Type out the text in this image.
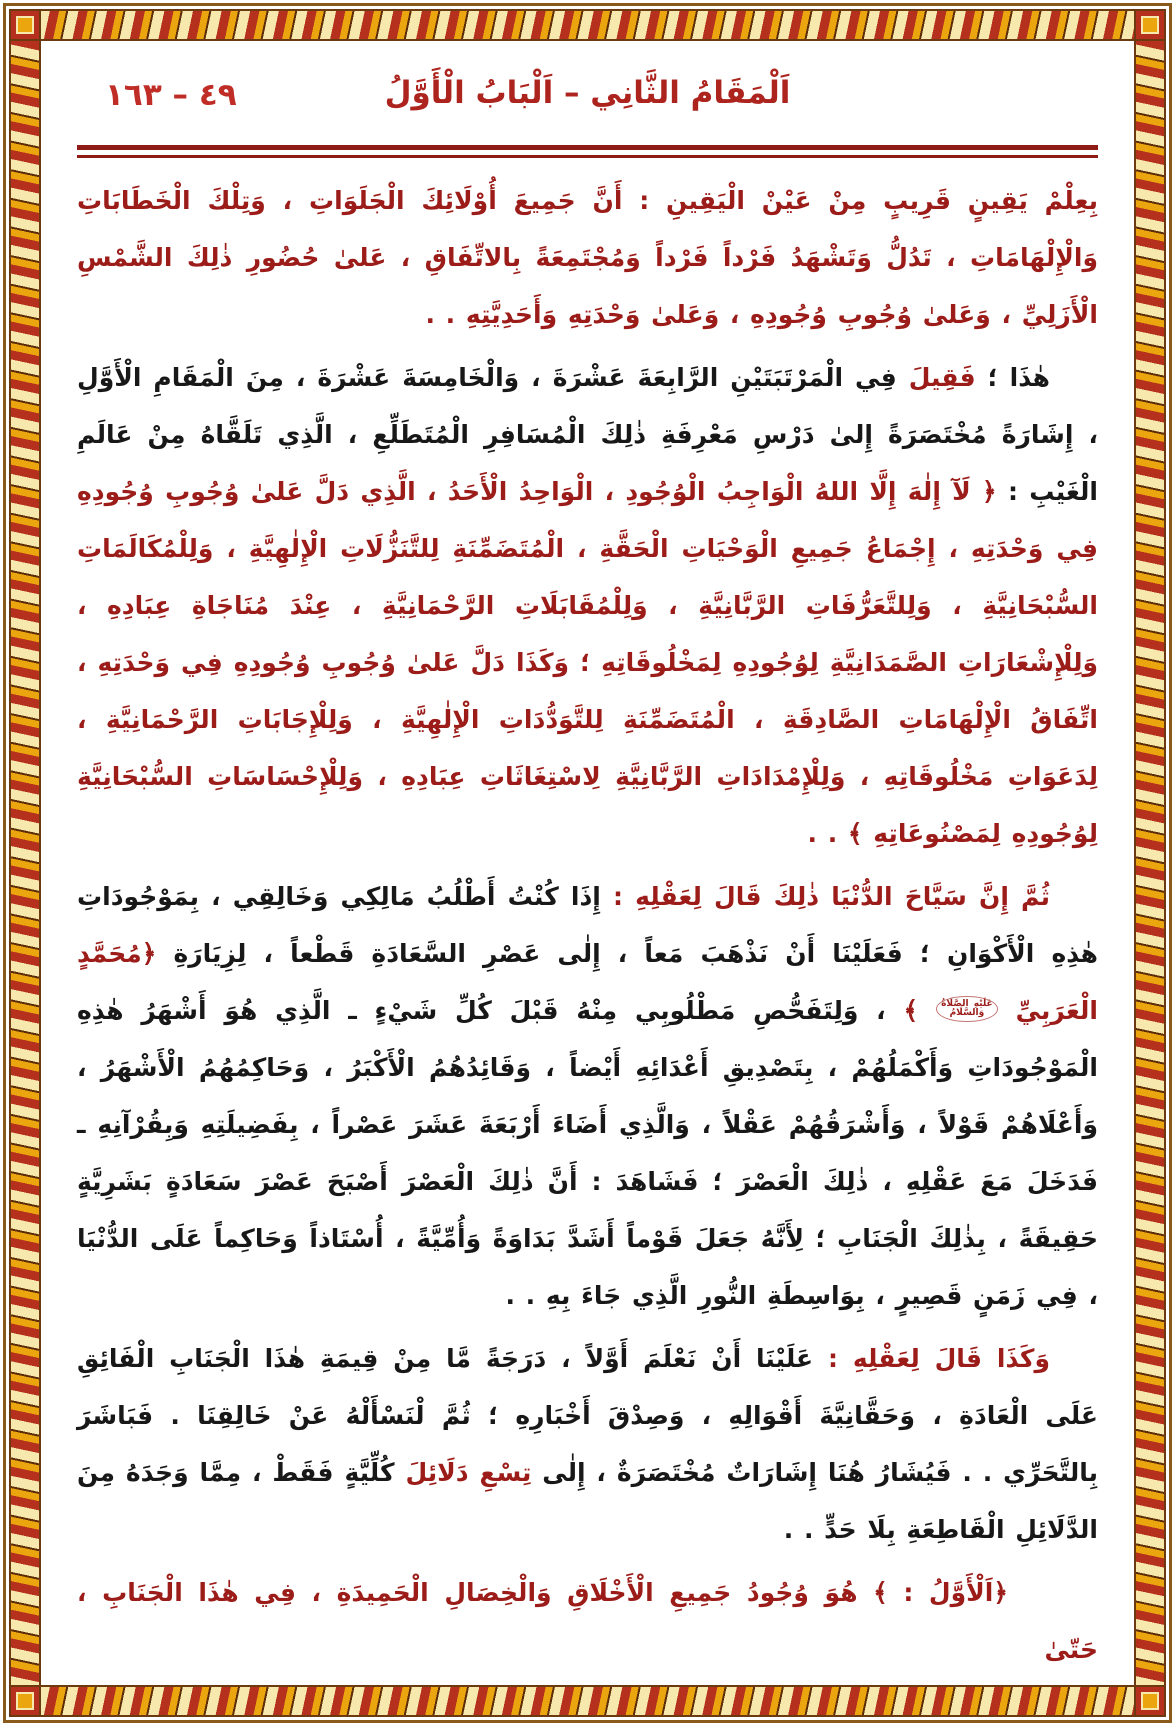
اَلْمَقَامُ الثَّانِي – اَلْبَابُ الْأَوَّلُ
٤٩ – ١٦٣

بِعِلْمْ يَقِينٍ قَرِيبٍ مِنْ عَيْنْ الْيَقِينِ : أَنَّ جَمِيعَ أُوْلَائِكَ الْجَلَوَاتِ ، وَتِلْكَ الْخَطَابَاتِ وَالْإِلْهَامَاتِ ، تَدُلُّ وَتَشْهَدُ فَرْداً فَرْداً وَمُجْتَمِعَةً بِالاتِّفَاقِ ، عَلىٰ حُضُورِ ذٰلِكَ الشَّمْسِ الْأَزَلِيِّ ، وَعَلىٰ وُجُوبِ وُجُودِهِ ، وَعَلىٰ وَحْدَتِهِ وَأَحَدِيَّتِهِ . .

هٰذَا ؛ فَقِيلَ فِي الْمَرْتَبَتَيْنِ الرَّابِعَةَ عَشْرَةَ ، وَالْخَامِسَةَ عَشْرَةَ ، مِنَ الْمَقَامِ الْأَوَّلِ ، إِشَارَةً مُخْتَصَرَةً إِلىٰ دَرْسِ مَعْرِفَةِ ذٰلِكَ الْمُسَافِرِ الْمُتَطَلِّعِ ، الَّذِي تَلَقَّاهُ مِنْ عَالَمِ الْغَيْبِ : ﴿ لَآ إِلٰهَ إِلَّا اللهُ الْوَاجِبُ الْوُجُودِ ، الْوَاحِدُ الْأَحَدُ ، الَّذِي دَلَّ عَلىٰ وُجُوبِ وُجُودِهِ فِي وَحْدَتِهِ ، إِجْمَاعُ جَمِيعِ الْوَحْيَاتِ الْحَقَّةِ ، الْمُتَضَمِّنَةِ لِلتَّنَزُّلَاتِ الْإِلٰهِيَّةِ ، وَلِلْمُكَالَمَاتِ السُّبْحَانِيَّةِ ، وَلِلتَّعَرُّفَاتِ الرَّبَّانِيَّةِ ، وَلِلْمُقَابَلَاتِ الرَّحْمَانِيَّةِ ، عِنْدَ مُنَاجَاةِ عِبَادِهِ ، وَلِلْإِشْعَارَاتِ الصَّمَدَانِيَّةِ لِوُجُودِهِ لِمَخْلُوقَاتِهِ ؛ وَكَذَا دَلَّ عَلىٰ وُجُوبِ وُجُودِهِ فِي وَحْدَتِهِ ، اتِّفَاقُ الْإِلْهَامَاتِ الصَّادِقَةِ ، الْمُتَضَمِّنَةِ لِلتَّوَدُّدَاتِ الْإِلٰهِيَّةِ ، وَلِلْإِجَابَاتِ الرَّحْمَانِيَّةِ ، لِدَعَوَاتِ مَخْلُوقَاتِهِ ، وَلِلْإِمْدَادَاتِ الرَّبَّانِيَّةِ لِاسْتِغَاثَاتِ عِبَادِهِ ، وَلِلْإِحْسَاسَاتِ السُّبْحَانِيَّةِ لِوُجُودِهِ لِمَصْنُوعَاتِهِ ﴾ . .

ثُمَّ إِنَّ سَيَّاحَ الدُّنْيَا ذٰلِكَ قَالَ لِعَقْلِهِ : إِذَا كُنْتُ أَطْلُبُ مَالِكِي وَخَالِقِي ، بِمَوْجُودَاتِ هٰذِهِ الْأَكْوَانِ ؛ فَعَلَيْنَا أَنْ نَذْهَبَ مَعاً ، إِلٰى عَصْرِ السَّعَادَةِ قَطْعاً ، لِزِيَارَةِ ﴿مُحَمَّدٍ الْعَرَبِيِّ عَلَيْهِ الصَّلَاةُ وَالسَّلَامُ ﴾ ، وَلِتَفَحُّصِ مَطْلُوبِي مِنْهُ قَبْلَ كُلِّ شَيْءٍ ـ الَّذِي هُوَ أَشْهَرُ هٰذِهِ الْمَوْجُودَاتِ وَأَكْمَلُهُمْ ، بِتَصْدِيقِ أَعْدَائِهِ أَيْضاً ، وَقَائِدُهُمُ الْأَكْبَرُ ، وَحَاكِمُهُمُ الْأَشْهَرُ ، وَأَعْلَاهُمْ قَوْلاً ، وَأَشْرَقُهُمْ عَقْلاً ، وَالَّذِي أَضَاءَ أَرْبَعَةَ عَشَرَ عَصْراً ، بِفَضِيلَتِهِ وَبِقُرْآنِهِ ـ فَدَخَلَ مَعَ عَقْلِهِ ، ذٰلِكَ الْعَصْرَ ؛ فَشَاهَدَ : أَنَّ ذٰلِكَ الْعَصْرَ أَصْبَحَ عَصْرَ سَعَادَةٍ بَشَرِيَّةٍ حَقِيقَةً ، بِذٰلِكَ الْجَنَابِ ؛ لِأَنَّهُ جَعَلَ قَوْماً أَشَدَّ بَدَاوَةً وَأُمِّيَّةً ، أُسْتَاذاً وَحَاكِماً عَلَى الدُّنْيَا ، فِي زَمَنٍ قَصِيرٍ ، بِوَاسِطَةِ النُّورِ الَّذِي جَاءَ بِهِ . .

وَكَذَا قَالَ لِعَقْلِهِ : عَلَيْنَا أَنْ نَعْلَمَ أَوَّلاً ، دَرَجَةً مَّا مِنْ قِيمَةِ هٰذَا الْجَنَابِ الْفَائِقِ عَلَى الْعَادَةِ ، وَحَقَّانِيَّةَ أَقْوَالِهِ ، وَصِدْقَ أَخْبَارِهِ ؛ ثُمَّ لْنَسْأَلْهُ عَنْ خَالِقِنَا . فَبَاشَرَ بِالتَّحَرِّي . . فَيُشَارُ هُنَا إِشَارَاتٌ مُخْتَصَرَةٌ ، إِلٰى تِسْعِ دَلَائِلَ كُلِّيَّةٍ فَقَطْ ، مِمَّا وَجَدَهُ مِنَ الدَّلَائِلِ الْقَاطِعَةِ بِلَا حَدٍّ . .

﴿اَلْأَوَّلُ : ﴾ هُوَ وُجُودُ جَمِيعِ الْأَخْلَاقِ وَالْخِصَالِ الْحَمِيدَةِ ، فِي هٰذَا الْجَنَابِ ، حَتّىٰ
